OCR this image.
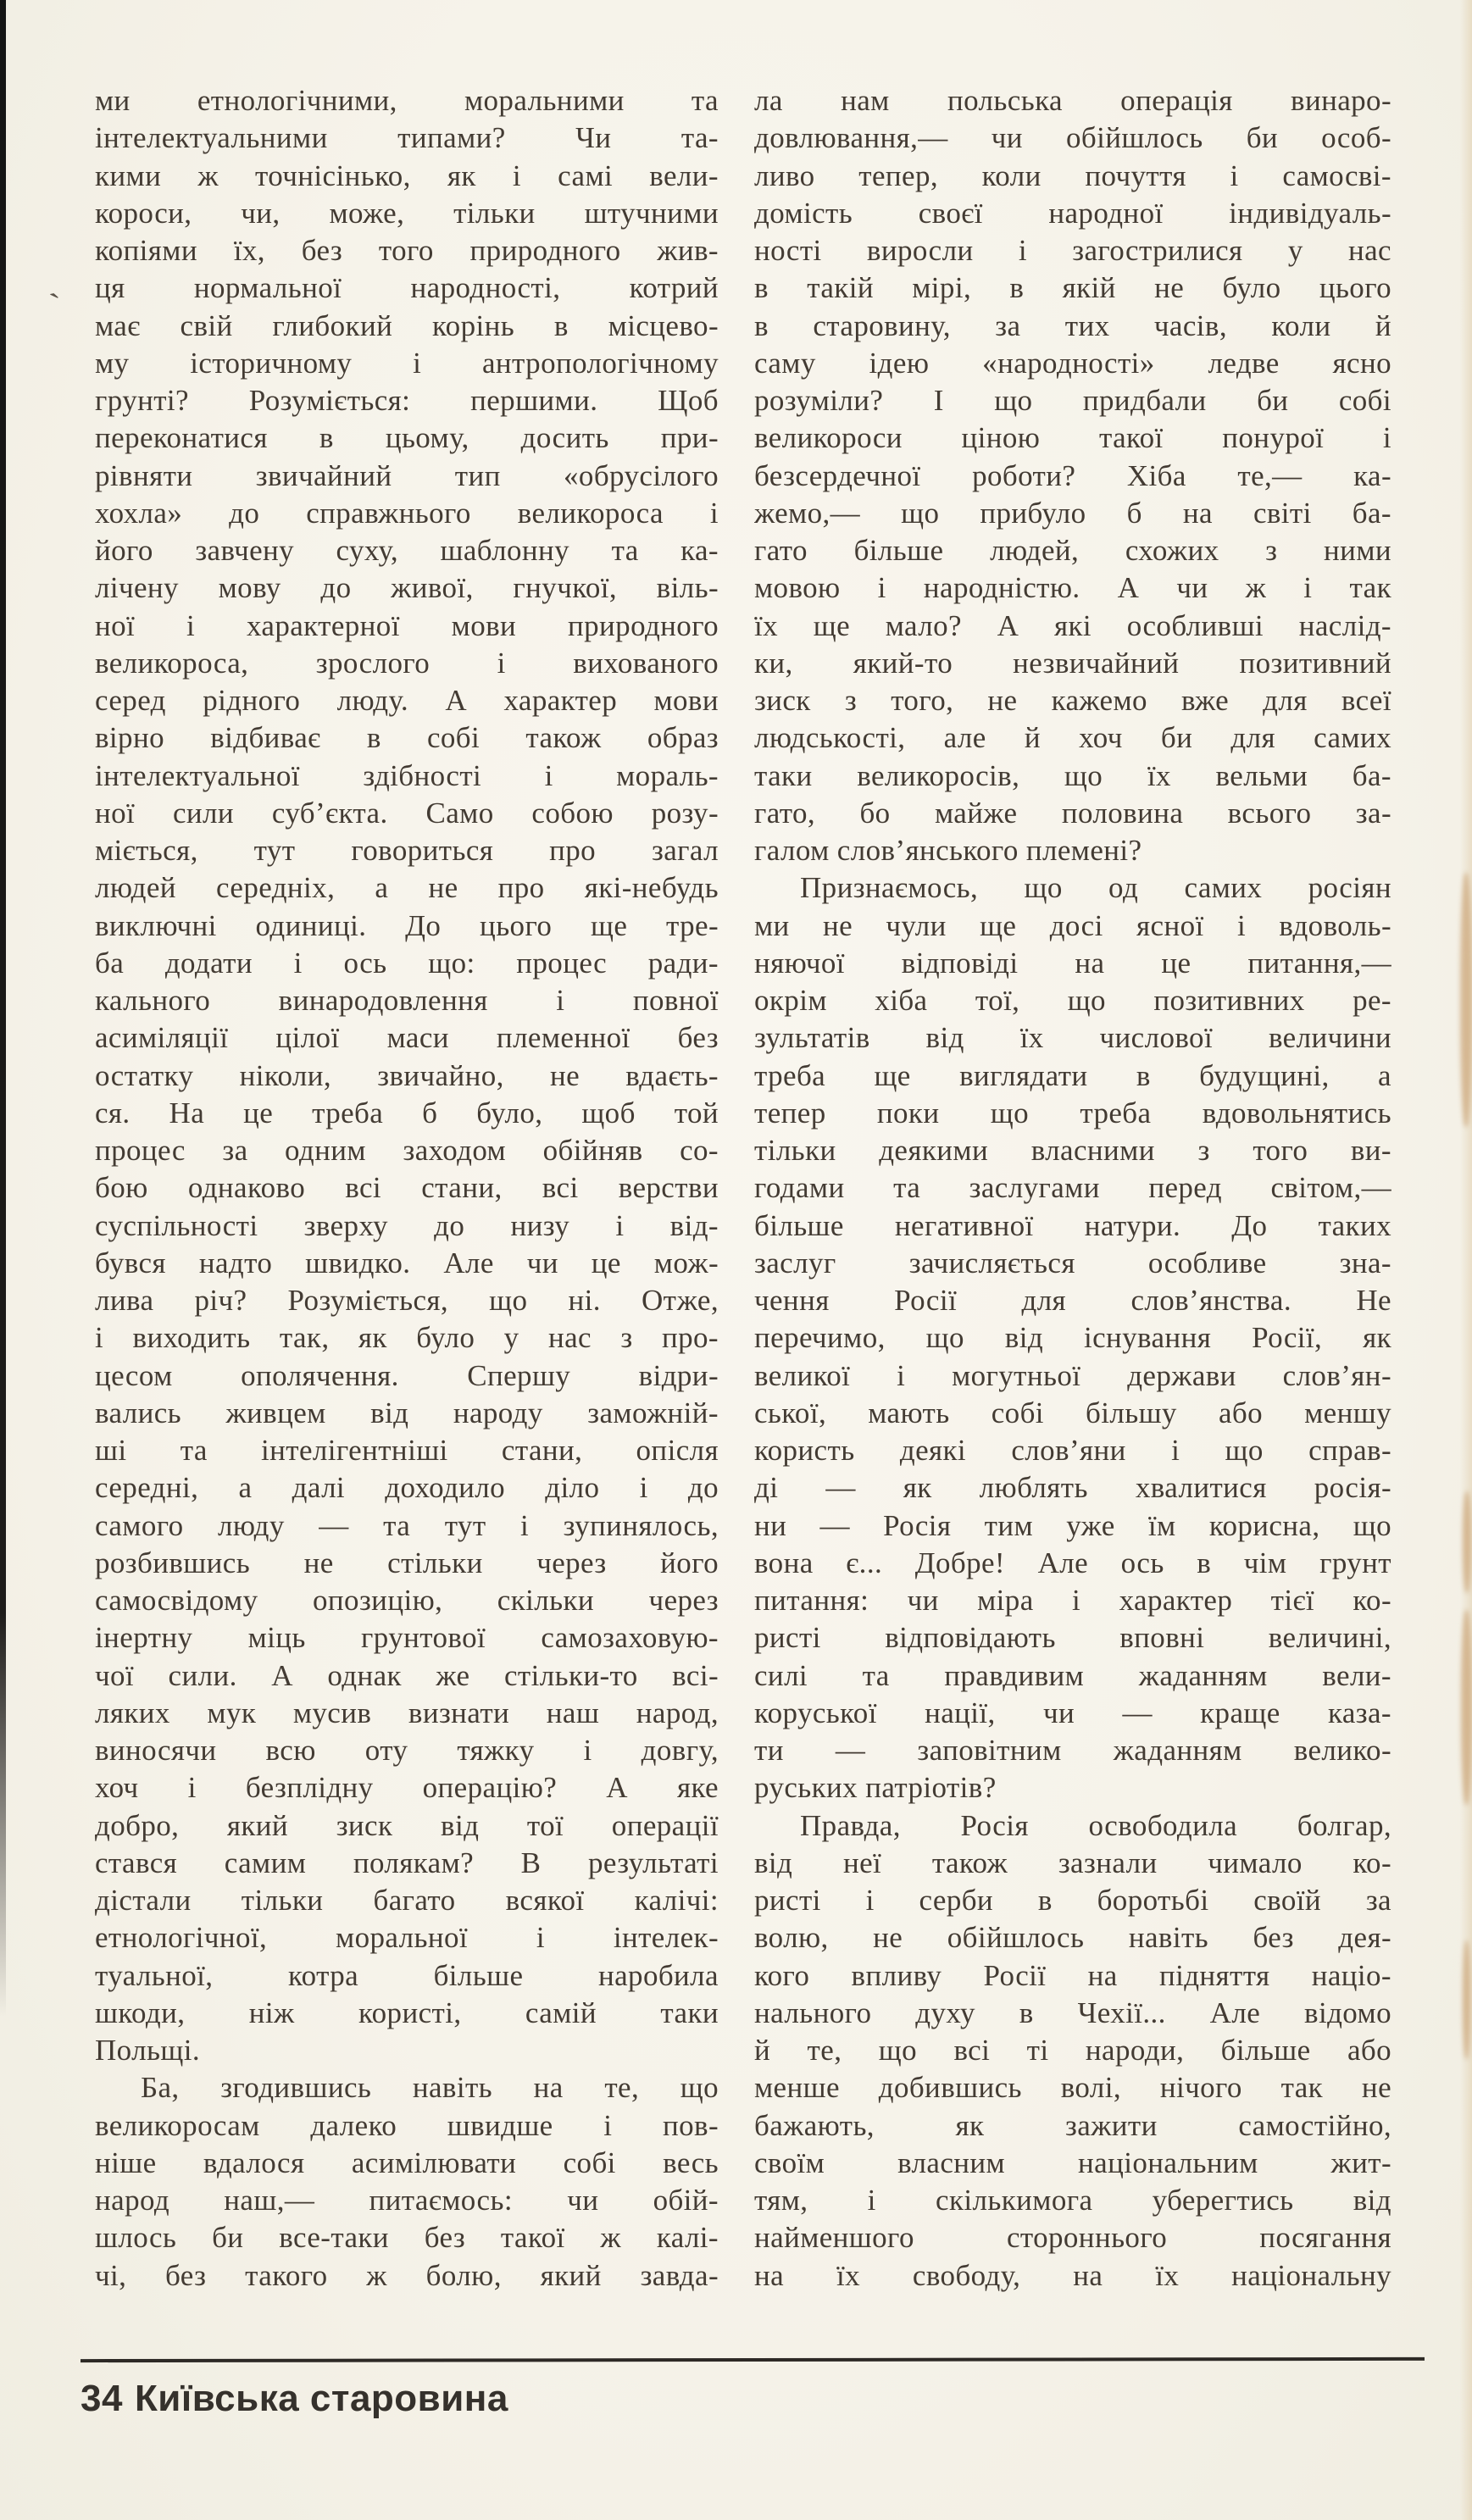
`
ми етнологічними, моральними та
інтелектуальними типами? Чи та-
кими ж точнісінько, як і самі вели-
короси, чи, може, тільки штучними
копіями їх, без того природного жив-
ця нормальної народності, котрий
має свій глибокий корінь в місцево-
му історичному і антропологічному
грунті? Розуміється: першими. Щоб
переконатися в цьому, досить при-
рівняти звичайний тип «обрусілого
хохла» до справжнього великороса і
його завчену суху, шаблонну та ка-
лічену мову до живої, гнучкої, віль-
ної і характерної мови природного
великороса, зрослого і вихованого
серед рідного люду. А характер мови
вірно відбиває в собі також образ
інтелектуальної здібності і мораль-
ної сили суб’єкта. Само собою розу-
міється, тут говориться про загал
людей середніх, а не про які-небудь
виключні одиниці. До цього ще тре-
ба додати і ось що: процес ради-
кального винародовлення і повної
асиміляції цілої маси племенної без
остатку ніколи, звичайно, не вдаєть-
ся. На це треба б було, щоб той
процес за одним заходом обійняв со-
бою однаково всі стани, всі верстви
суспільності зверху до низу і від-
бувся надто швидко. Але чи це мож-
лива річ? Розуміється, що ні. Отже,
і виходить так, як було у нас з про-
цесом ополячення. Спершу відри-
вались живцем від народу заможній-
ші та інтелігентніші стани, опісля
середні, а далі доходило діло і до
самого люду — та тут і зупинялось,
розбившись не стільки через його
самосвідому опозицію, скільки через
інертну міць грунтової самозаховую-
чої сили. А однак же стільки-то всі-
ляких мук мусив визнати наш народ,
виносячи всю оту тяжку і довгу,
хоч і безплідну операцію? А яке
добро, який зиск від тої операції
стався самим полякам? В результаті
дістали тільки багато всякої калічі:
етнологічної, моральної і інтелек-
туальної, котра більше наробила
шкоди, ніж користі, самій таки
Польщі.
Ба, згодившись навіть на те, що
великоросам далеко швидше і пов-
ніше вдалося асимілювати собі весь
народ наш,— питаємось: чи обій-
шлось би все-таки без такої ж калі-
чі, без такого ж болю, який завда-
ла нам польська операція винаро-
довлювання,— чи обійшлось би особ-
ливо тепер, коли почуття і самосві-
домість своєї народної індивідуаль-
ності виросли і загострилися у нас
в такій мірі, в якій не було цього
в старовину, за тих часів, коли й
саму ідею «народності» ледве ясно
розуміли? І що придбали би собі
великороси ціною такої понурої і
безсердечної роботи? Хіба те,— ка-
жемо,— що прибуло б на світі ба-
гато більше людей, схожих з ними
мовою і народністю. А чи ж і так
їх ще мало? А які особливші наслід-
ки, який-то незвичайний позитивний
зиск з того, не кажемо вже для всеї
людськості, але й хоч би для самих
таки великоросів, що їх вельми ба-
гато, бо майже половина всього за-
галом слов’янського племені?
Признаємось, що од самих росіян
ми не чули ще досі ясної і вдоволь-
няючої відповіді на це питання,—
окрім хіба тої, що позитивних ре-
зультатів від їх числової величини
треба ще виглядати в будущині, а
тепер поки що треба вдовольнятись
тільки деякими власними з того ви-
годами та заслугами перед світом,—
більше негативної натури. До таких
заслуг зачисляється особливе зна-
чення Росії для слов’янства. Не
перечимо, що від існування Росії, як
великої і могутньої держави слов’ян-
ської, мають собі більшу або меншу
користь деякі слов’яни і що справ-
ді — як люблять хвалитися росія-
ни — Росія тим уже їм корисна, що
вона є... Добре! Але ось в чім грунт
питання: чи міра і характер тієї ко-
ристі відповідають вповні величині,
силі та правдивим жаданням вели-
коруської нації, чи — краще каза-
ти — заповітним жаданням велико-
руських патріотів?
Правда, Росія освободила болгар,
від неї також зазнали чимало ко-
ристі і серби в боротьбі своїй за
волю, не обійшлось навіть без дея-
кого впливу Росії на підняття націо-
нального духу в Чехії... Але відомо
й те, що всі ті народи, більше або
менше добившись волі, нічого так не
бажають, як зажити самостійно,
своїм власним національним жит-
тям, і скількимога уберегтись від
найменшого стороннього посягання
на їх свободу, на їх національну
34 Київська старовина
